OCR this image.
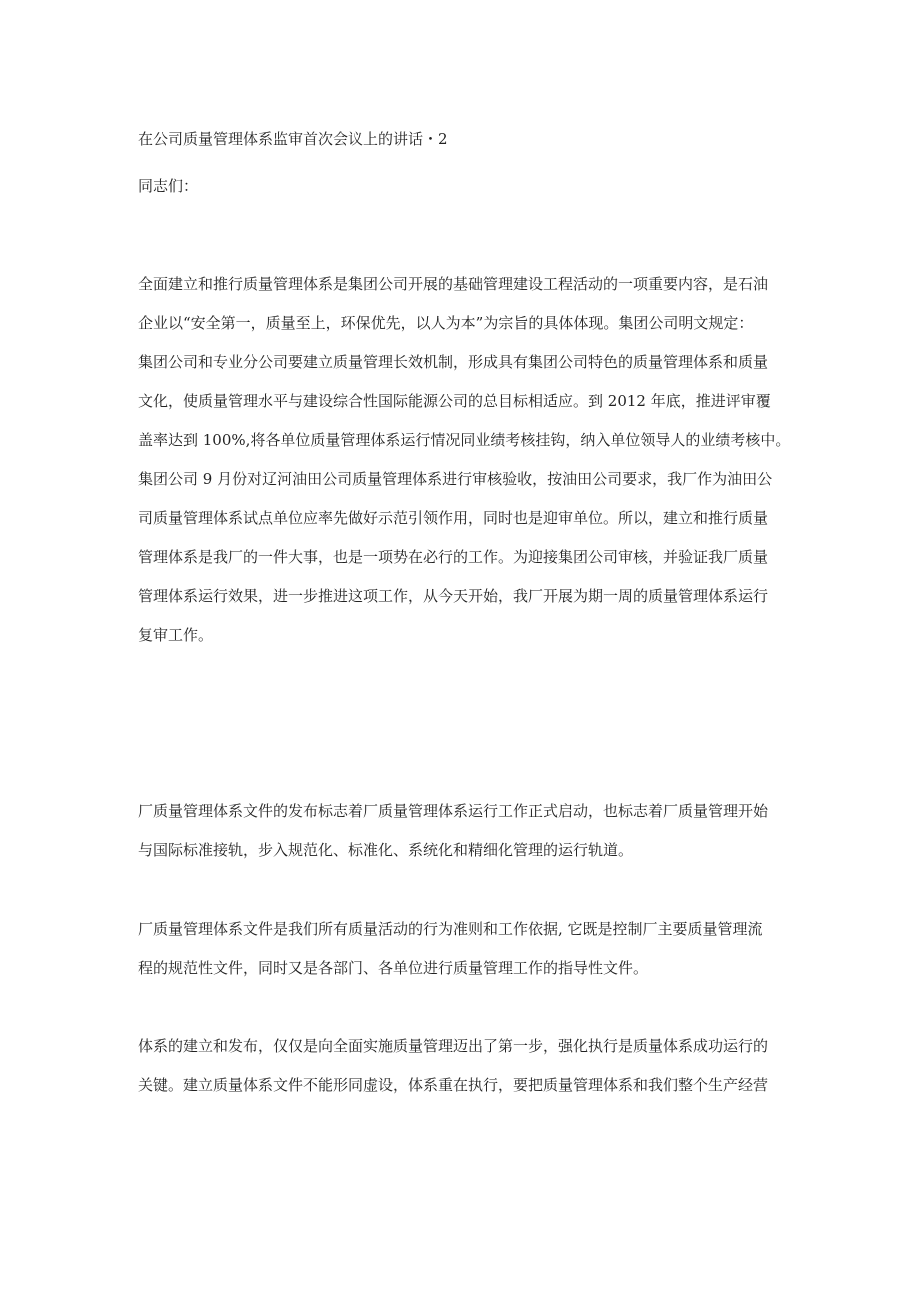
在公司质量管理体系监审首次会议上的讲话・2

同志们：

全面建立和推行质量管理体系是集团公司开展的基础管理建设工程活动的一项重要内容，是石油
企业以“安全第一，质量至上，环保优先，以人为本”为宗旨的具体体现。集团公司明文规定：
集团公司和专业分公司要建立质量管理长效机制，形成具有集团公司特色的质量管理体系和质量
文化，使质量管理水平与建设综合性国际能源公司的总目标相适应。到 2012 年底，推进评审覆
盖率达到 100%,将各单位质量管理体系运行情况同业绩考核挂钩，纳入单位领导人的业绩考核中。
集团公司 9 月份对辽河油田公司质量管理体系进行审核验收，按油田公司要求，我厂作为油田公
司质量管理体系试点单位应率先做好示范引领作用，同时也是迎审单位。所以，建立和推行质量
管理体系是我厂的一件大事，也是一项势在必行的工作。为迎接集团公司审核，并验证我厂质量
管理体系运行效果，进一步推进这项工作，从今天开始，我厂开展为期一周的质量管理体系运行
复审工作。
厂质量管理体系文件的发布标志着厂质量管理体系运行工作正式启动，也标志着厂质量管理开始
与国际标准接轨，步入规范化、标准化、系统化和精细化管理的运行轨道。
厂质量管理体系文件是我们所有质量活动的行为准则和工作依据, 它既是控制厂主要质量管理流
程的规范性文件，同时又是各部门、各单位进行质量管理工作的指导性文件。
体系的建立和发布，仅仅是向全面实施质量管理迈出了第一步，强化执行是质量体系成功运行的
关键。建立质量体系文件不能形同虚设，体系重在执行，要把质量管理体系和我们整个生产经营
